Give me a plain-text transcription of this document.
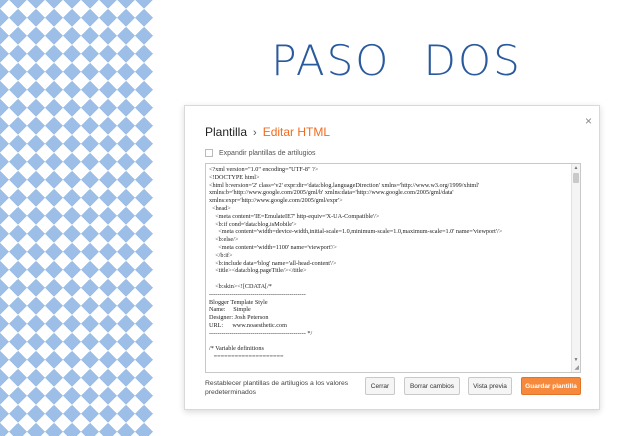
PASO DOS
×
Plantilla › Editar HTML
Expandir plantillas de artilugios
<?xml version="1.0" encoding="UTF-8" ?>
<!DOCTYPE html>
<html b:version='2' class='v2' expr:dir='data:blog.languageDirection' xmlns='http://www.w3.org/1999/xhtml'
xmlns:b='http://www.google.com/2005/gml/b' xmlns:data='http://www.google.com/2005/gml/data'
xmlns:expr='http://www.google.com/2005/gml/expr'>
<head>
<meta content='IE=EmulateIE7' http-equiv='X-UA-Compatible'/>
<b:if cond='data:blog.isMobile'>
<meta content='width=device-width,initial-scale=1.0,minimum-scale=1.0,maximum-scale=1.0' name='viewport'/>
<b:else/>
<meta content='width=1100' name='viewport'/>
</b:if>
<b:include data='blog' name='all-head-content'/>
<title><data:blog.pageTitle/></title>

<b:skin><![CDATA[/*
-----------------------------------------------
Blogger Template Style
Name:     Simple
Designer: Josh Peterson
URL:      www.noaesthetic.com
----------------------------------------------- */

/* Variable definitions
====================
▲
▼
◢
Restablecer plantillas de artilugios a los valores predeterminados
Cerrar	Borrar cambios	Vista previa	Guardar plantilla
